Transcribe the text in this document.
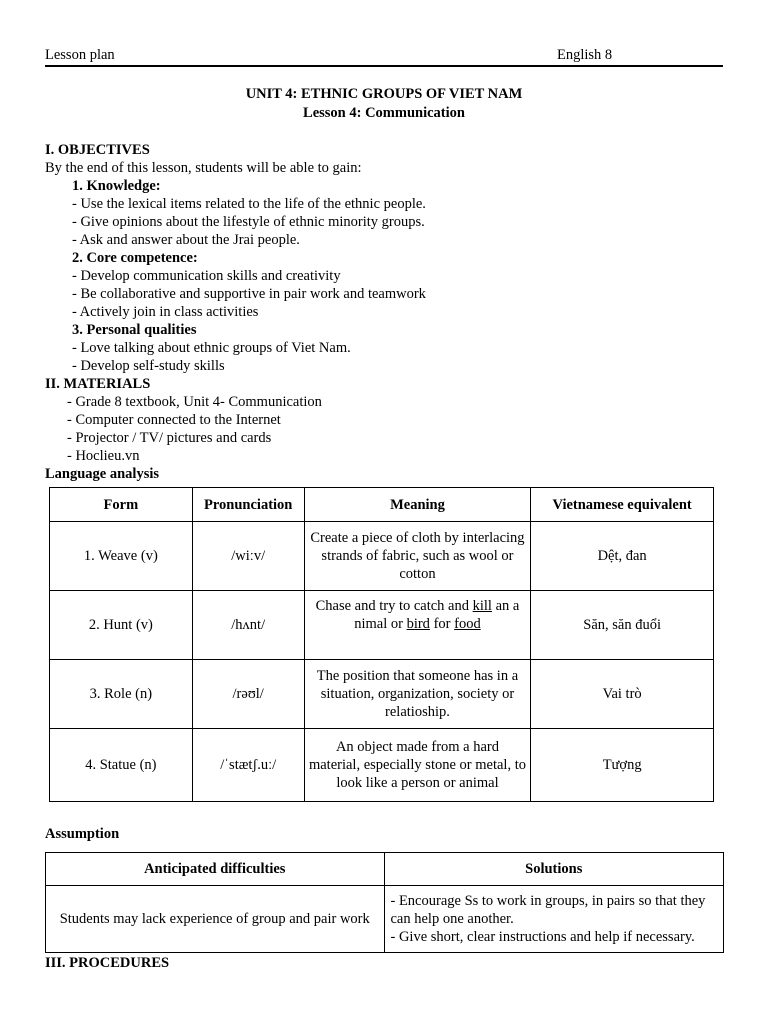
Lesson plan	English 8
UNIT 4: ETHNIC GROUPS OF VIET NAM
Lesson 4: Communication
I. OBJECTIVES
By the end of this lesson, students will be able to gain:
1. Knowledge:
- Use the lexical items related to the life of the ethnic people.
- Give opinions about the lifestyle of ethnic minority groups.
- Ask and answer about the Jrai people.
2. Core competence:
- Develop communication skills and creativity
- Be collaborative and supportive in pair work and teamwork
- Actively join in class activities
3. Personal qualities
- Love talking about ethnic groups of Viet Nam.
- Develop self-study skills
II. MATERIALS
- Grade 8 textbook, Unit 4- Communication
- Computer connected to the Internet
- Projector / TV/ pictures and cards
- Hoclieu.vn
Language analysis
Form	Pronunciation	Meaning	Vietnamese equivalent
1. Weave (v)	/wiːv/	Create a piece of cloth by interlacing strands of fabric, such as wool or cotton	Dệt, đan
2. Hunt (v)	/hʌnt/	Chase and try to catch and kill an a nimal or bird for food	Săn, săn đuổi
3. Role (n)	/rəʊl/	The position that someone has in a situation, organization, society or relatioship.	Vai trò
4. Statue (n)	/ˈstætʃ.uː/	An object made from a hard material, especially stone or metal, to look like a person or animal	Tượng
Assumption
Anticipated difficulties	Solutions
Students may lack experience of group and pair work	- Encourage Ss to work in groups, in pairs so that they can help one another.
- Give short, clear instructions and help if necessary.
III. PROCEDURES
